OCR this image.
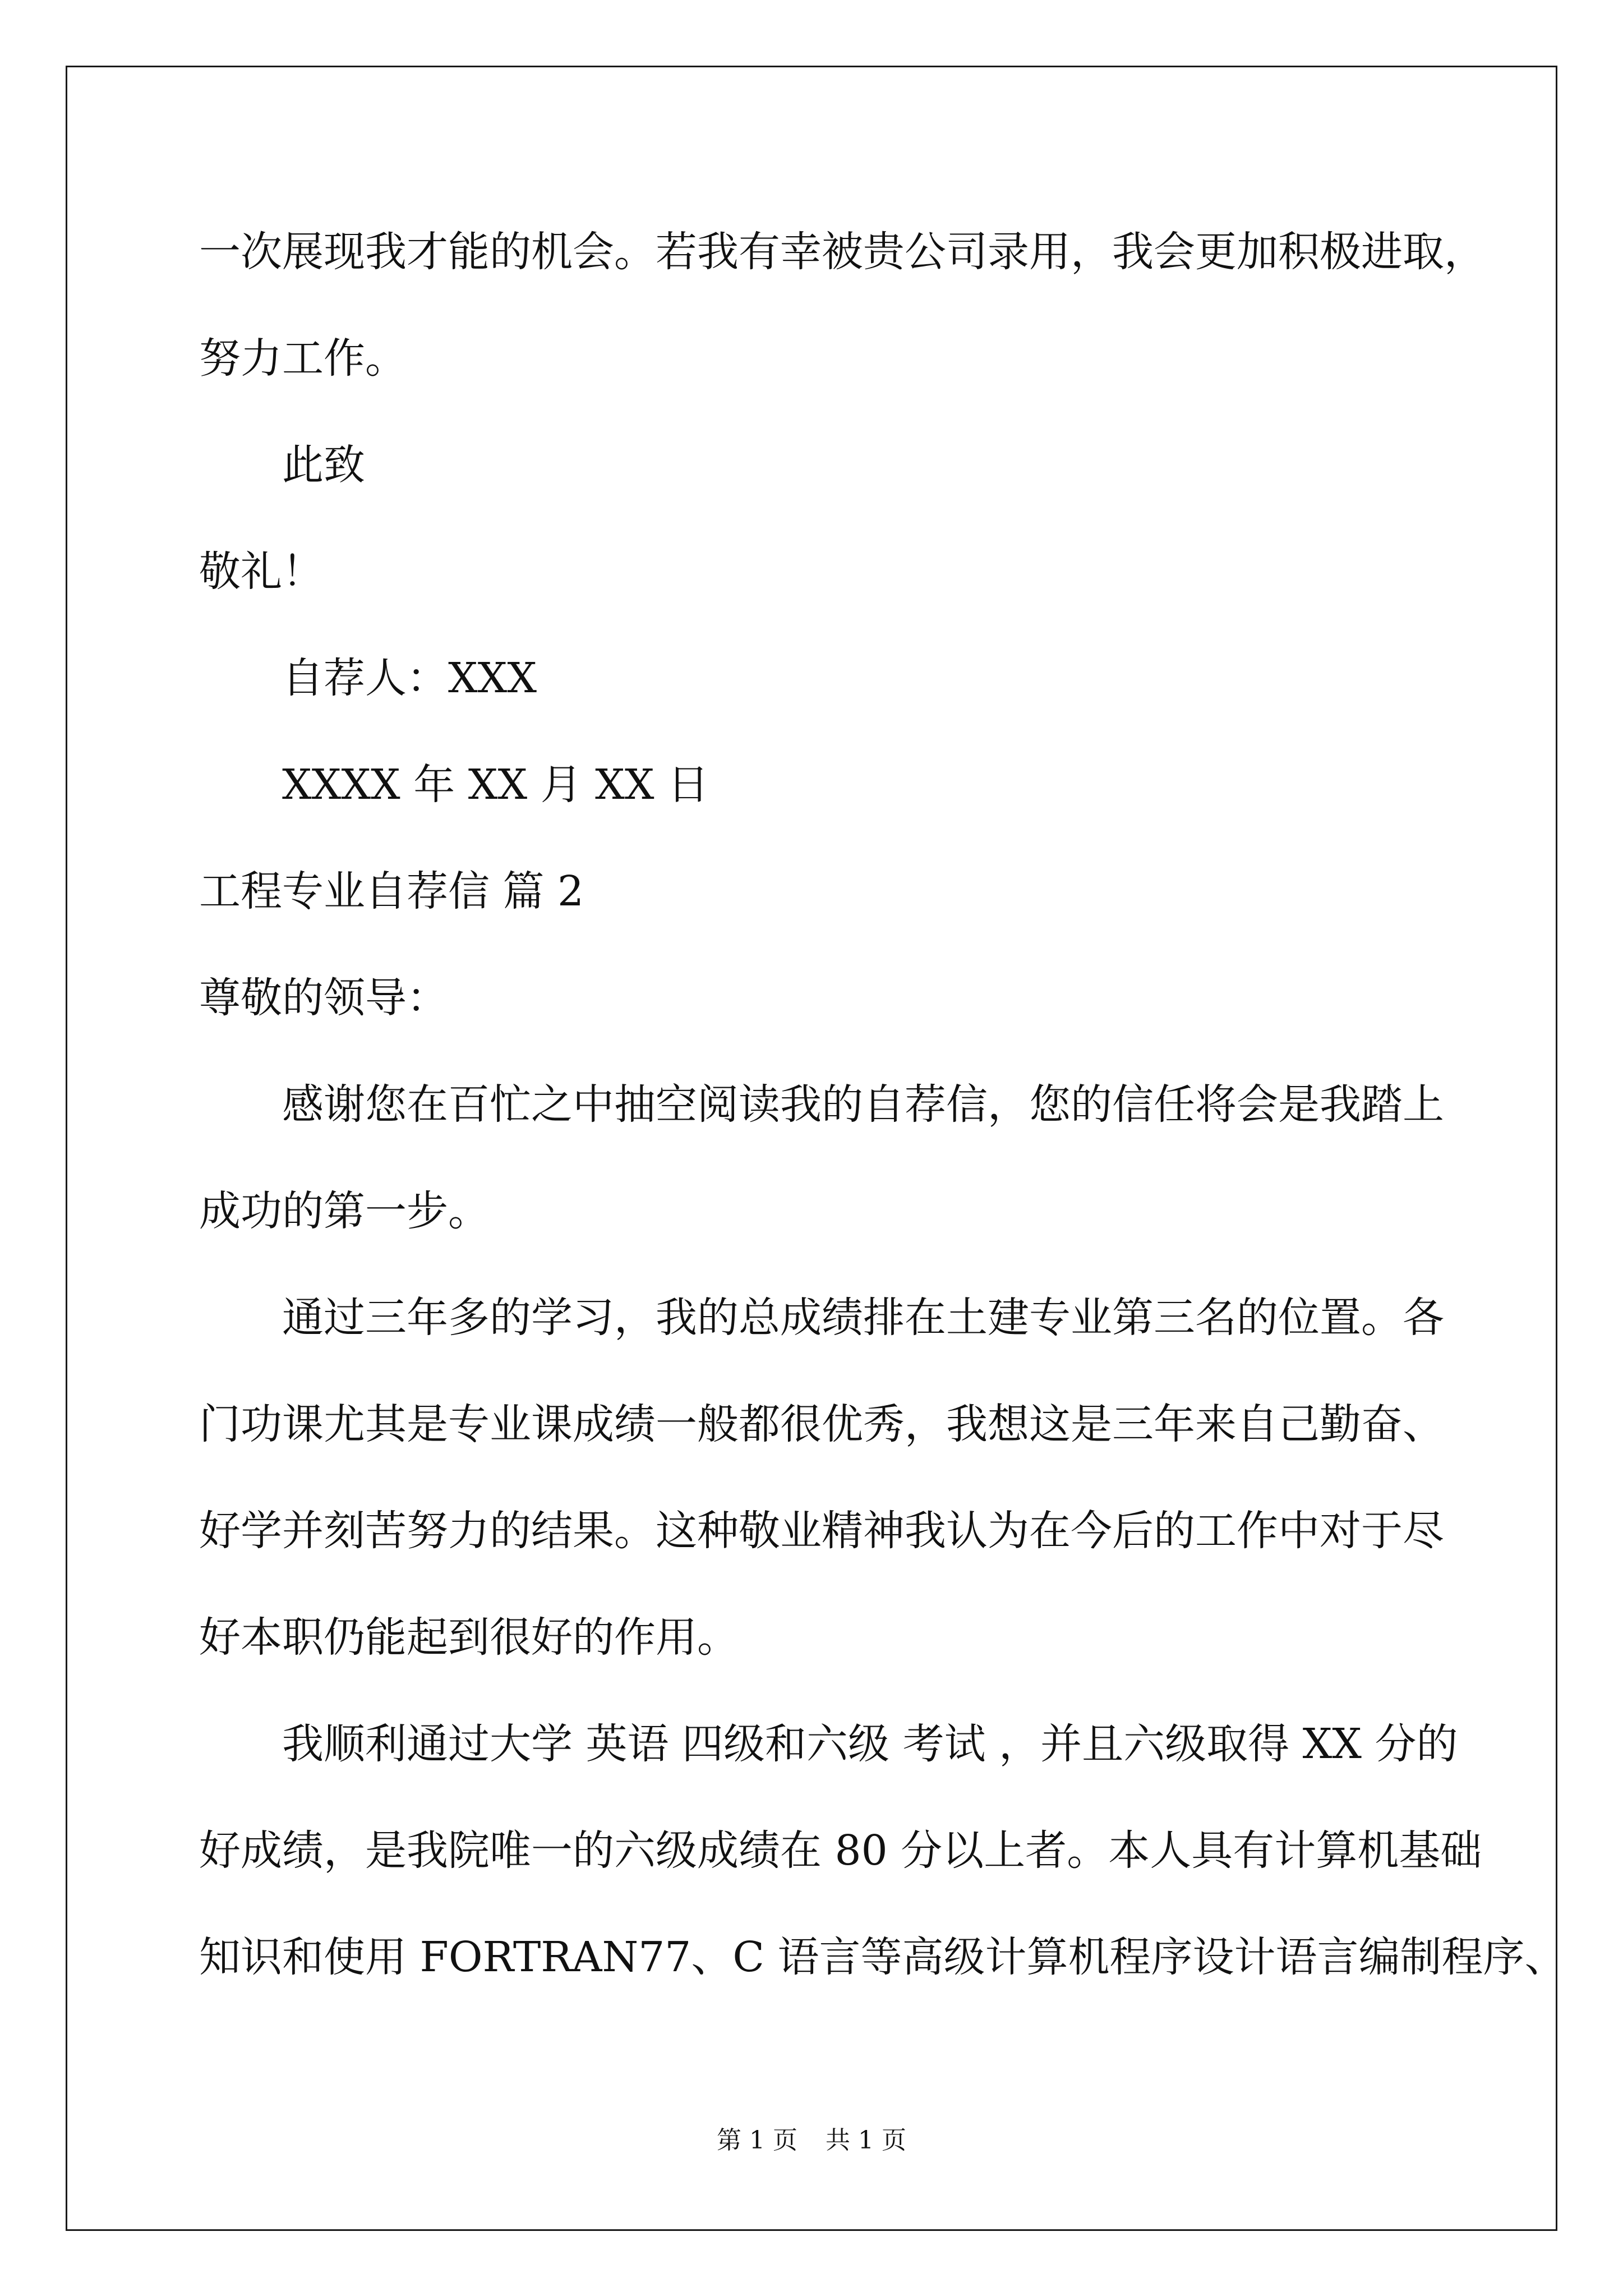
一次展现我才能的机会。若我有幸被贵公司录用，我会更加积极进取，
努力工作。
此致
敬礼！
自荐人：XXX
XXXX 年 XX 月 XX 日
工程专业自荐信 篇 2
尊敬的领导：
感谢您在百忙之中抽空阅读我的自荐信，您的信任将会是我踏上
成功的第一步。
通过三年多的学习，我的总成绩排在土建专业第三名的位置。各
门功课尤其是专业课成绩一般都很优秀，我想这是三年来自己勤奋、
好学并刻苦努力的结果。这种敬业精神我认为在今后的工作中对于尽
好本职仍能起到很好的作用。
我顺利通过大学 英语 四级和六级 考试 ，并且六级取得 XX 分的
好成绩，是我院唯一的六级成绩在 80 分以上者。本人具有计算机基础
知识和使用 FORTRAN77、C 语言等高级计算机程序设计语言编制程序、
第 1 页 共 1 页
